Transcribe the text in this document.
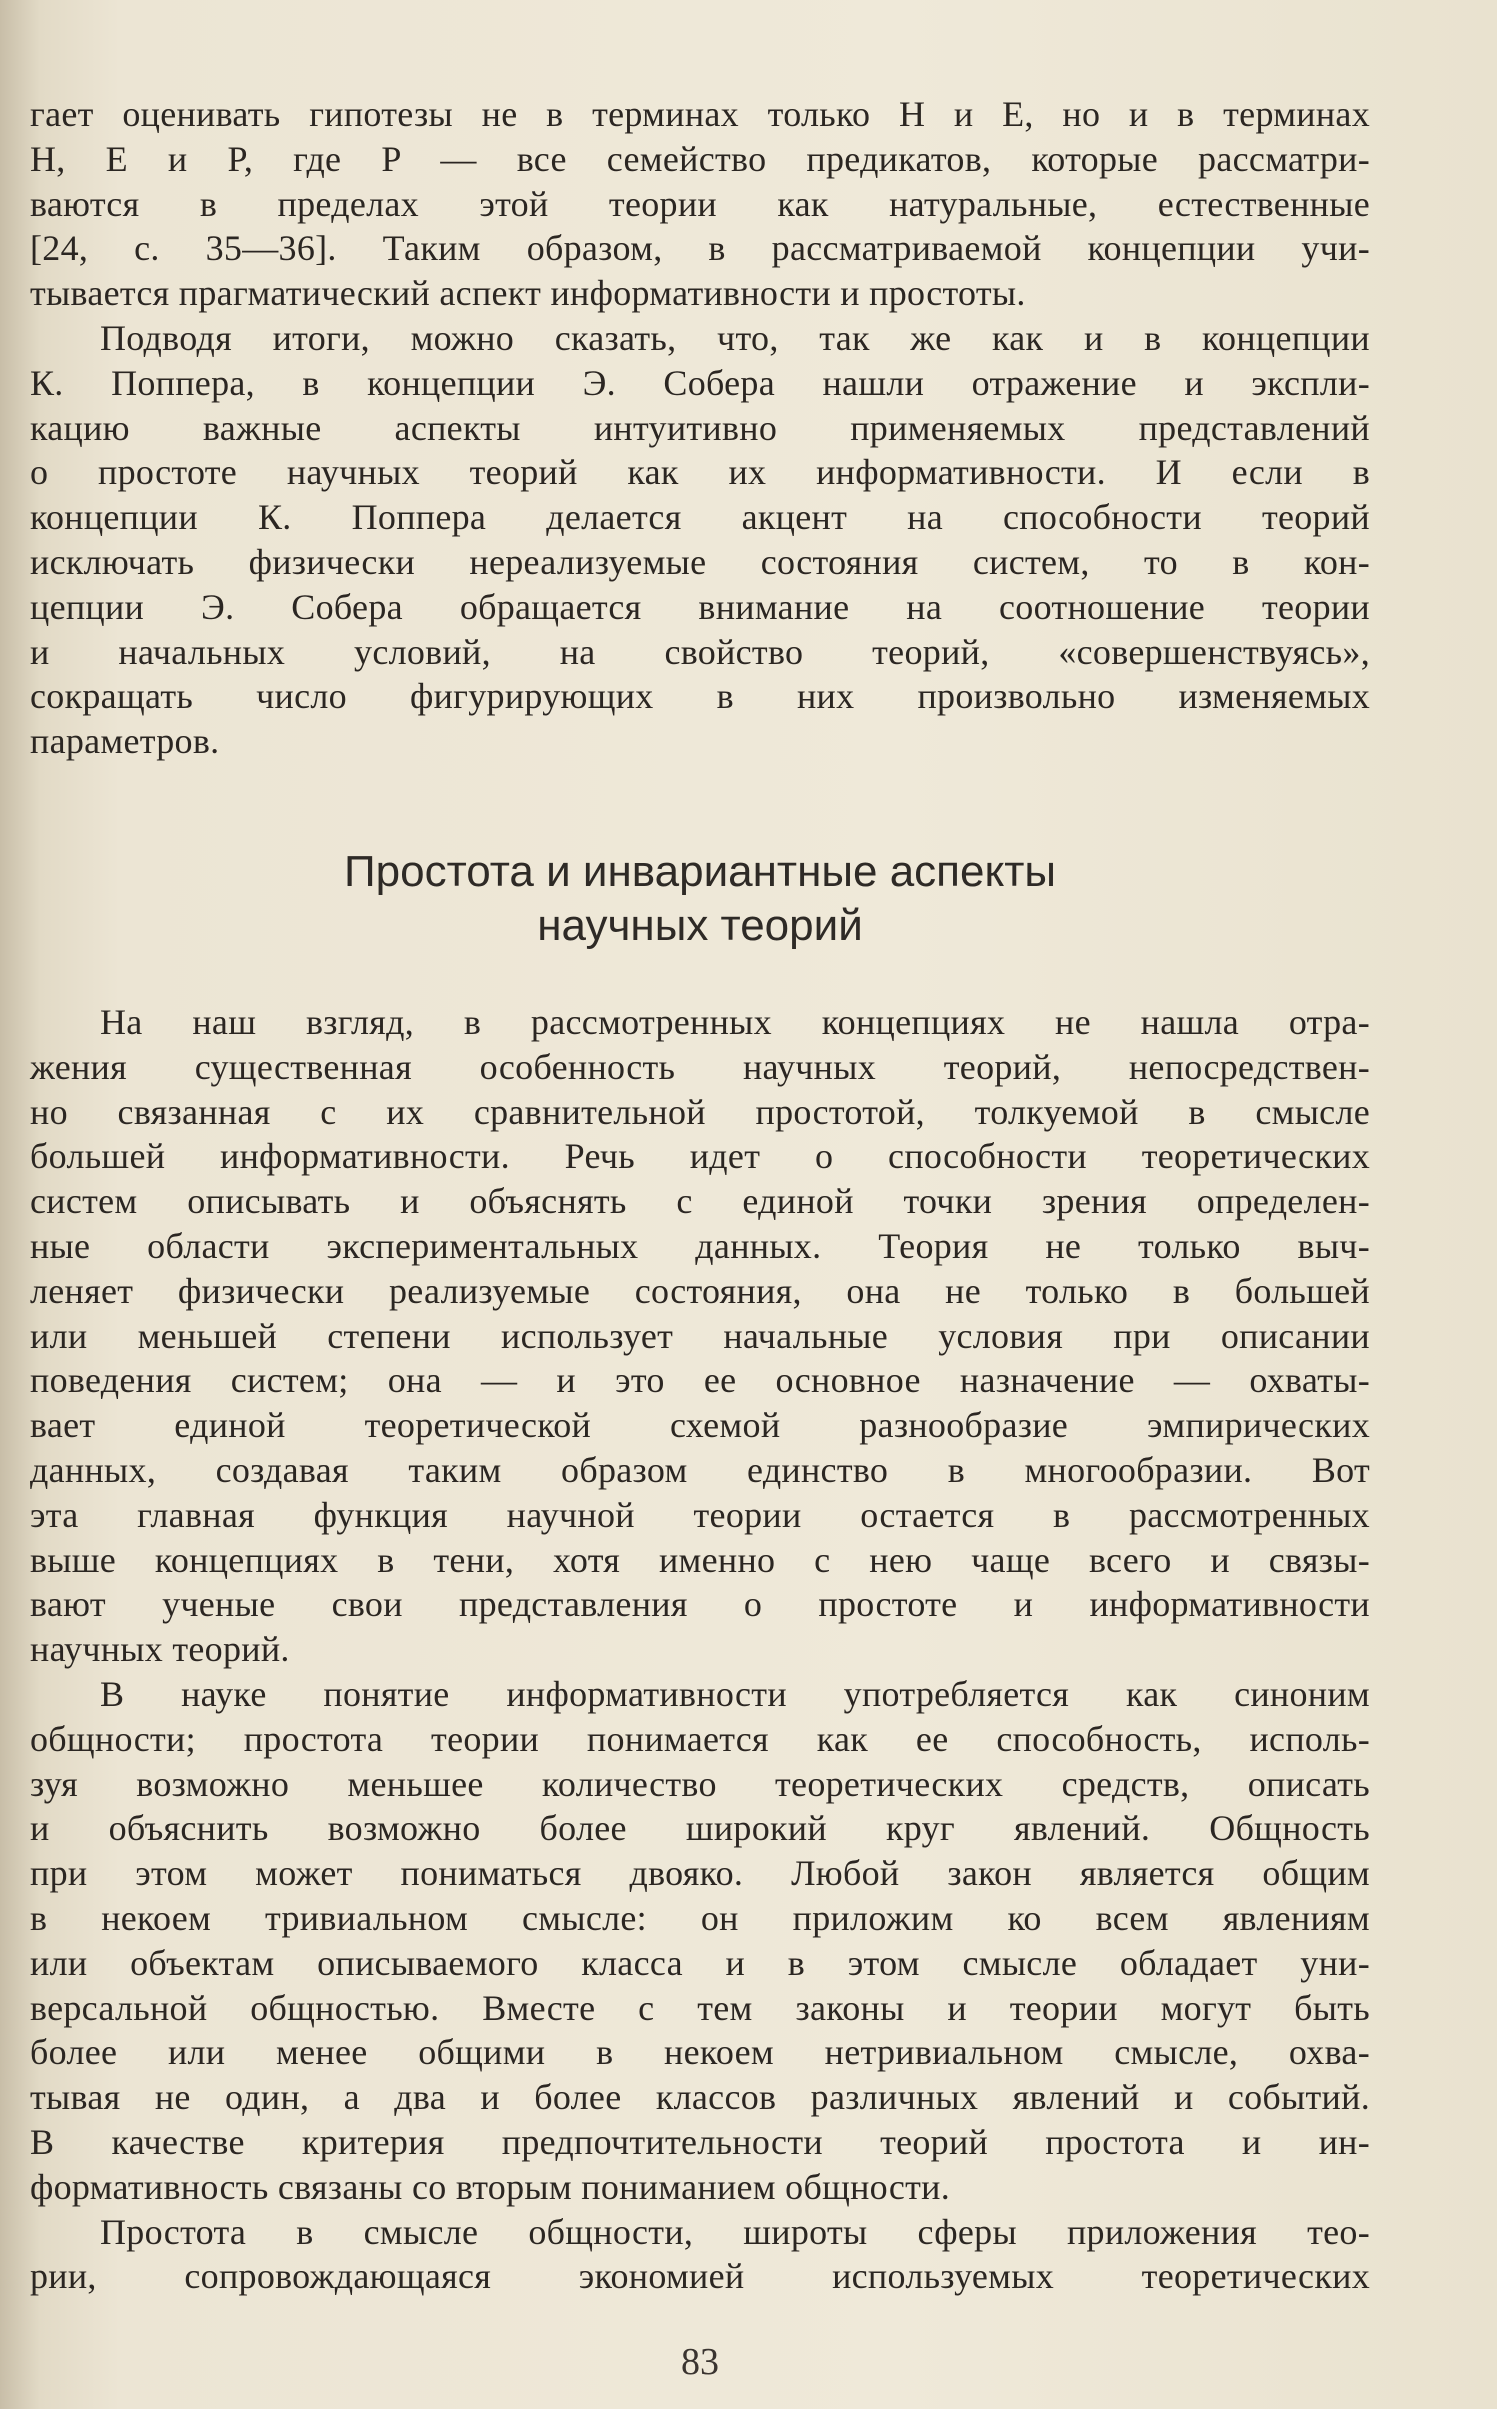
гает оценивать гипотезы не в терминах только H и E, но и в терминах
H, E и P, где P — все семейство предикатов, которые рассматри-
ваются в пределах этой теории как натуральные, естественные
[24, с. 35—36]. Таким образом, в рассматриваемой концепции учи-
тывается прагматический аспект информативности и простоты.
Подводя итоги, можно сказать, что, так же как и в концепции
К. Поппера, в концепции Э. Собера нашли отражение и экспли-
кацию важные аспекты интуитивно применяемых представлений
о простоте научных теорий как их информативности. И если в
концепции К. Поппера делается акцент на способности теорий
исключать физически нереализуемые состояния систем, то в кон-
цепции Э. Собера обращается внимание на соотношение теории
и начальных условий, на свойство теорий, «совершенствуясь»,
сокращать число фигурирующих в них произвольно изменяемых
параметров.
Простота и инвариантные аспекты
научных теорий
На наш взгляд, в рассмотренных концепциях не нашла отра-
жения существенная особенность научных теорий, непосредствен-
но связанная с их сравнительной простотой, толкуемой в смысле
большей информативности. Речь идет о способности теоретических
систем описывать и объяснять с единой точки зрения определен-
ные области экспериментальных данных. Теория не только выч-
леняет физически реализуемые состояния, она не только в большей
или меньшей степени использует начальные условия при описании
поведения систем; она — и это ее основное назначение — охваты-
вает единой теоретической схемой разнообразие эмпирических
данных, создавая таким образом единство в многообразии. Вот
эта главная функция научной теории остается в рассмотренных
выше концепциях в тени, хотя именно с нею чаще всего и связы-
вают ученые свои представления о простоте и информативности
научных теорий.
В науке понятие информативности употребляется как синоним
общности; простота теории понимается как ее способность, исполь-
зуя возможно меньшее количество теоретических средств, описать
и объяснить возможно более широкий круг явлений. Общность
при этом может пониматься двояко. Любой закон является общим
в некоем тривиальном смысле: он приложим ко всем явлениям
или объектам описываемого класса и в этом смысле обладает уни-
версальной общностью. Вместе с тем законы и теории могут быть
более или менее общими в некоем нетривиальном смысле, охва-
тывая не один, а два и более классов различных явлений и событий.
В качестве критерия предпочтительности теорий простота и ин-
формативность связаны со вторым пониманием общности.
Простота в смысле общности, широты сферы приложения тео-
рии, сопровождающаяся экономией используемых теоретических
83
